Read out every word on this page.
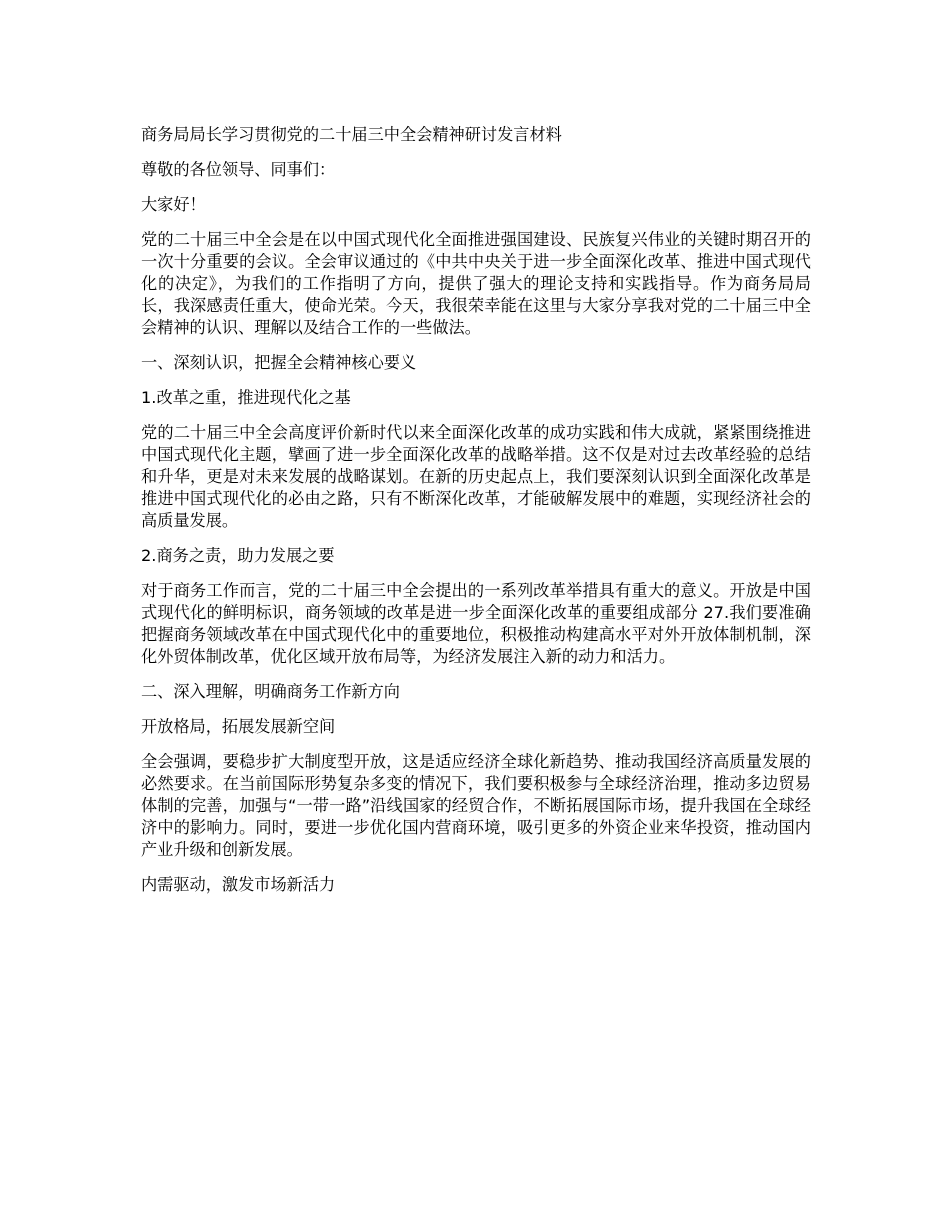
商务局局长学习贯彻党的二十届三中全会精神研讨发言材料

尊敬的各位领导、同事们：

大家好！

党的二十届三中全会是在以中国式现代化全面推进强国建设、民族复兴伟业的关键时期召开的一次十分重要的会议。全会审议通过的《中共中央关于进一步全面深化改革、推进中国式现代化的决定》，为我们的工作指明了方向，提供了强大的理论支持和实践指导。作为商务局局长，我深感责任重大，使命光荣。今天，我很荣幸能在这里与大家分享我对党的二十届三中全会精神的认识、理解以及结合工作的一些做法。

一、深刻认识，把握全会精神核心要义

1.改革之重，推进现代化之基

党的二十届三中全会高度评价新时代以来全面深化改革的成功实践和伟大成就，紧紧围绕推进中国式现代化主题，擘画了进一步全面深化改革的战略举措。这不仅是对过去改革经验的总结和升华，更是对未来发展的战略谋划。在新的历史起点上，我们要深刻认识到全面深化改革是推进中国式现代化的必由之路，只有不断深化改革，才能破解发展中的难题，实现经济社会的高质量发展。

2.商务之责，助力发展之要

对于商务工作而言，党的二十届三中全会提出的一系列改革举措具有重大的意义。开放是中国式现代化的鲜明标识，商务领域的改革是进一步全面深化改革的重要组成部分 27.我们要准确把握商务领域改革在中国式现代化中的重要地位，积极推动构建高水平对外开放体制机制，深化外贸体制改革，优化区域开放布局等，为经济发展注入新的动力和活力。

二、深入理解，明确商务工作新方向

开放格局，拓展发展新空间

全会强调，要稳步扩大制度型开放，这是适应经济全球化新趋势、推动我国经济高质量发展的必然要求。在当前国际形势复杂多变的情况下，我们要积极参与全球经济治理，推动多边贸易体制的完善，加强与“一带一路”沿线国家的经贸合作，不断拓展国际市场，提升我国在全球经济中的影响力。同时，要进一步优化国内营商环境，吸引更多的外资企业来华投资，推动国内产业升级和创新发展。

内需驱动，激发市场新活力
